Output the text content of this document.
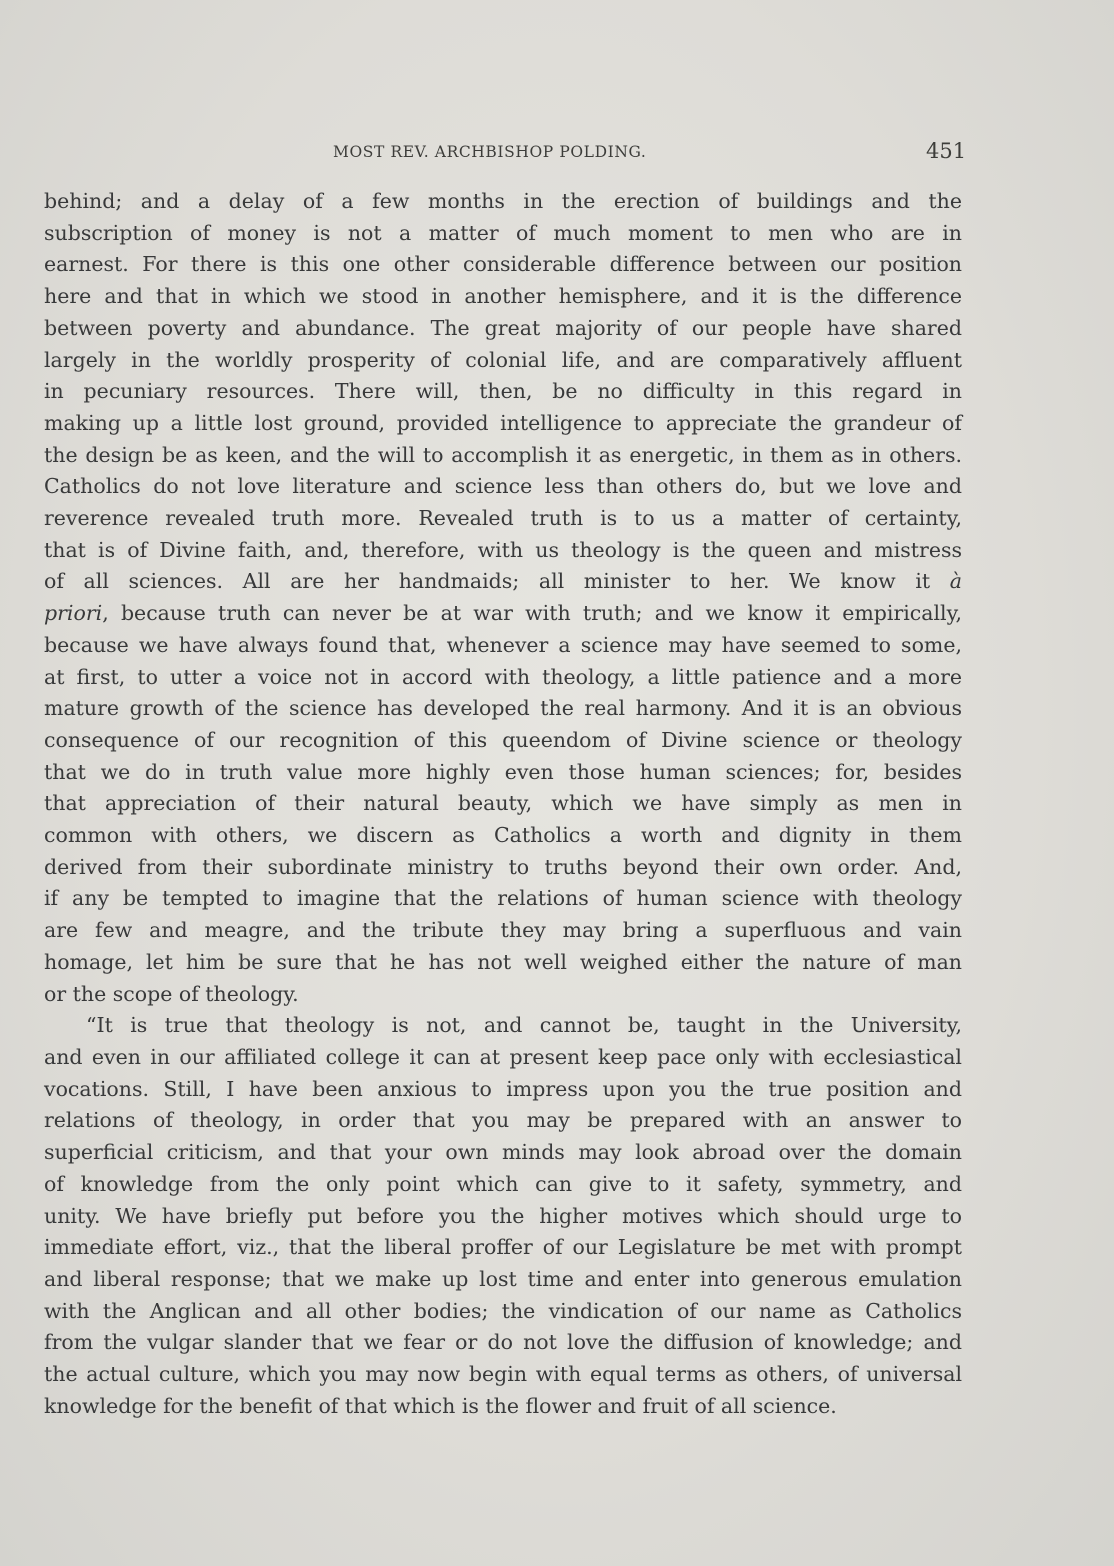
MOST REV. ARCHBISHOP POLDING.	451

behind; and a delay of a few months in the erection of buildings and the
subscription of money is not a matter of much moment to men who are in
earnest. For there is this one other considerable difference between our position
here and that in which we stood in another hemisphere, and it is the difference
between poverty and abundance. The great majority of our people have shared
largely in the worldly prosperity of colonial life, and are comparatively affluent
in pecuniary resources. There will, then, be no difficulty in this regard in
making up a little lost ground, provided intelligence to appreciate the grandeur of
the design be as keen, and the will to accomplish it as energetic, in them as in others.
Catholics do not love literature and science less than others do, but we love and
reverence revealed truth more. Revealed truth is to us a matter of certainty,
that is of Divine faith, and, therefore, with us theology is the queen and mistress
of all sciences. All are her handmaids; all minister to her. We know it à
priori, because truth can never be at war with truth; and we know it empirically,
because we have always found that, whenever a science may have seemed to some,
at first, to utter a voice not in accord with theology, a little patience and a more
mature growth of the science has developed the real harmony. And it is an obvious
consequence of our recognition of this queendom of Divine science or theology
that we do in truth value more highly even those human sciences; for, besides
that appreciation of their natural beauty, which we have simply as men in
common with others, we discern as Catholics a worth and dignity in them
derived from their subordinate ministry to truths beyond their own order. And,
if any be tempted to imagine that the relations of human science with theology
are few and meagre, and the tribute they may bring a superfluous and vain
homage, let him be sure that he has not well weighed either the nature of man
or the scope of theology.

“It is true that theology is not, and cannot be, taught in the University,
and even in our affiliated college it can at present keep pace only with ecclesiastical
vocations. Still, I have been anxious to impress upon you the true position and
relations of theology, in order that you may be prepared with an answer to
superficial criticism, and that your own minds may look abroad over the domain
of knowledge from the only point which can give to it safety, symmetry, and
unity. We have briefly put before you the higher motives which should urge to
immediate effort, viz., that the liberal proffer of our Legislature be met with prompt
and liberal response; that we make up lost time and enter into generous emulation
with the Anglican and all other bodies; the vindication of our name as Catholics
from the vulgar slander that we fear or do not love the diffusion of knowledge; and
the actual culture, which you may now begin with equal terms as others, of universal
knowledge for the benefit of that which is the flower and fruit of all science.
